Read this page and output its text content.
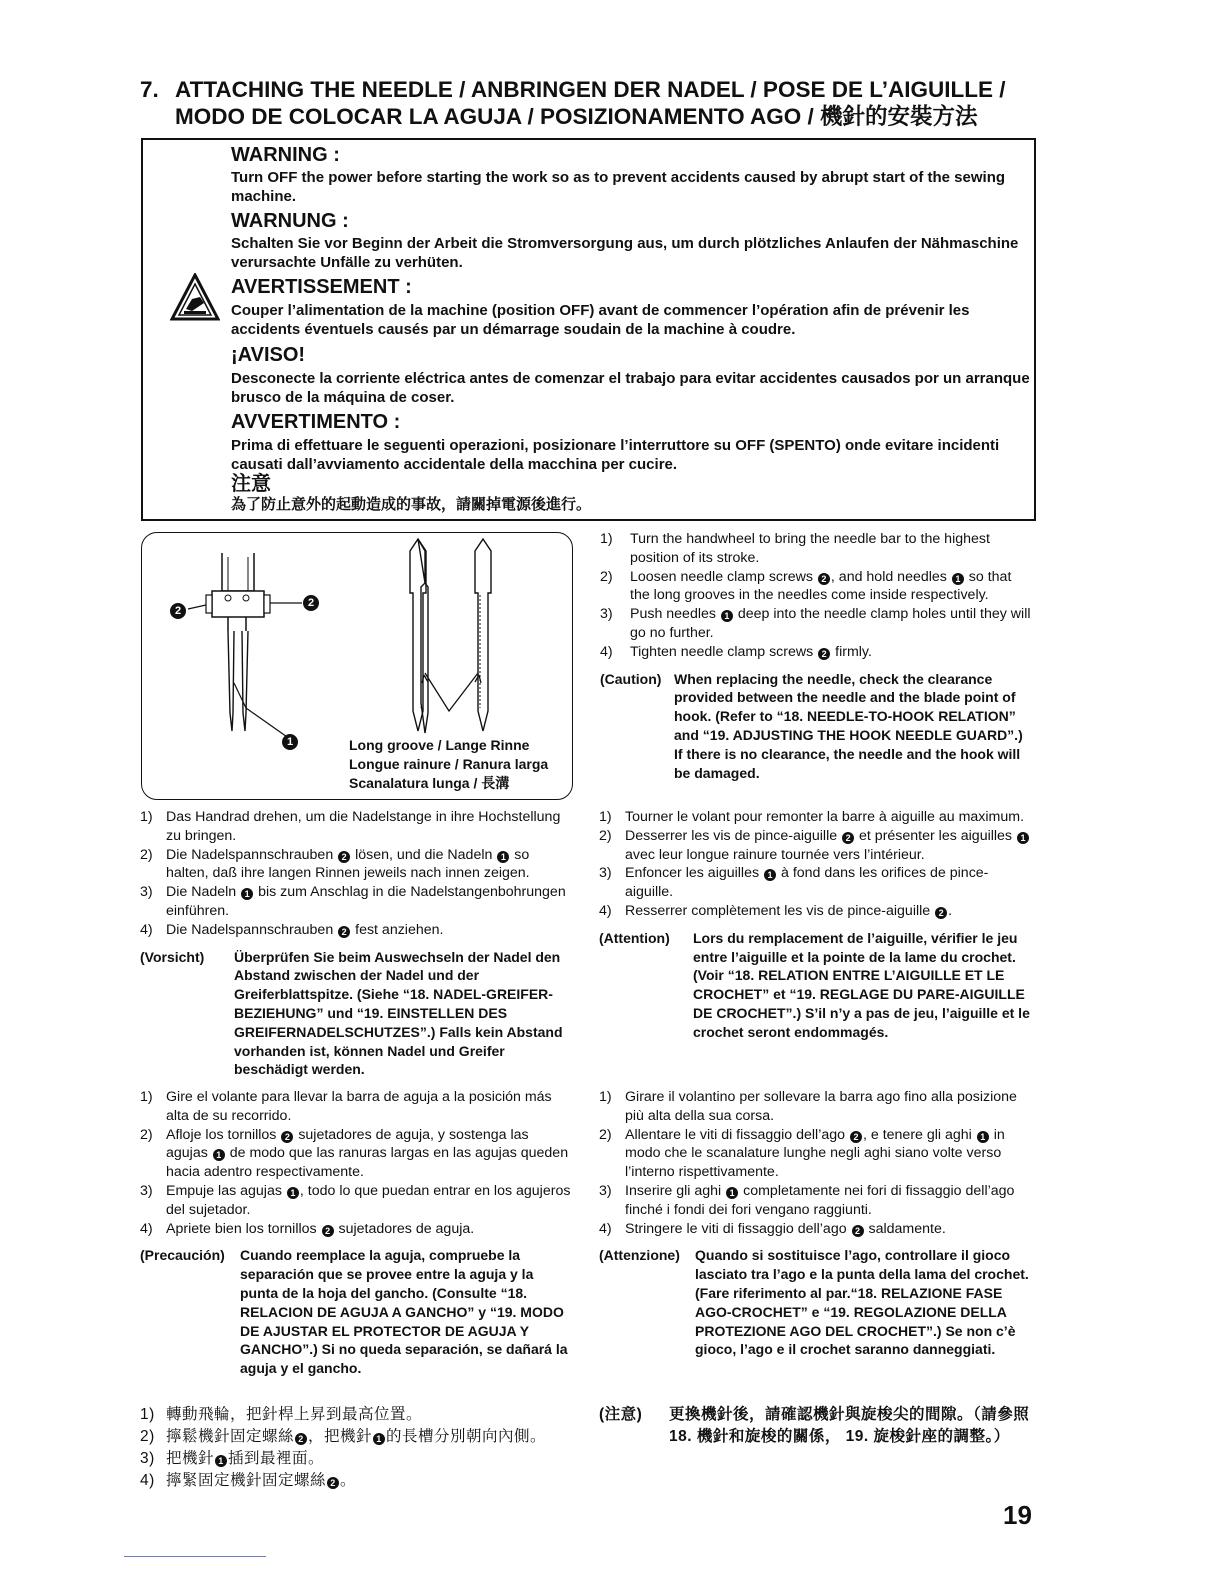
7. ATTACHING THE NEEDLE / ANBRINGEN DER NADEL / POSE DE L’AIGUILLE /
MODO DE COLOCAR LA AGUJA / POSIZIONAMENTO AGO / 機針的安裝方法
WARNING :
Turn OFF the power before starting the work so as to prevent accidents caused by abrupt start of the sewing machine.
WARNUNG :
Schalten Sie vor Beginn der Arbeit die Stromversorgung aus, um durch plötzliches Anlaufen der Nähmaschine verursachte Unfälle zu verhüten.
AVERTISSEMENT :
Couper l’alimentation de la machine (position OFF) avant de commencer l’opération afin de prévenir les accidents éventuels causés par un démarrage soudain de la machine à coudre.
¡AVISO!
Desconecte la corriente eléctrica antes de comenzar el trabajo para evitar accidentes causados por un arranque brusco de la máquina de coser.
AVVERTIMENTO :
Prima di effettuare le seguenti operazioni, posizionare l’interruttore su OFF (SPENTO) onde evitare incidenti causati dall’avviamento accidentale della macchina per cucire.
注意
為了防止意外的起動造成的事故，請關掉電源後進行。
2
2
1	Long groove / Lange Rinne
Longue rainure / Ranura larga
Scanalatura lunga / 長溝
1) Turn the handwheel to bring the needle bar to the highest position of its stroke.
2) Loosen needle clamp screws 2 , and hold needles 1 so that the long grooves in the needles come inside respectively.
3) Push needles 1 deep into the needle clamp holes until they will go no further.
4) Tighten needle clamp screws 2 firmly.
(Caution) When replacing the needle, check the clearance provided between the needle and the blade point of hook. (Refer to “18. NEEDLE-TO-HOOK RELATION” and “19. ADJUSTING THE HOOK NEEDLE GUARD”.) If there is no clearance, the needle and the hook will be damaged.
1) Das Handrad drehen, um die Nadelstange in ihre Hochstellung zu bringen.
2) Die Nadelspannschrauben 2 lösen, und die Nadeln 1 so halten, daß ihre langen Rinnen jeweils nach innen zeigen.
3) Die Nadeln 1 bis zum Anschlag in die Nadelstangenbohrungen einführen.
4) Die Nadelspannschrauben 2 fest anziehen.
(Vorsicht) Überprüfen Sie beim Auswechseln der Nadel den Abstand zwischen der Nadel und der Greiferblattspitze. (Siehe “18. NADEL-GREIFER-BEZIEHUNG” und “19. EINSTELLEN DES GREIFERNADELSCHUTZES”.) Falls kein Abstand vorhanden ist, können Nadel und Greifer beschädigt werden.
1) Tourner le volant pour remonter la barre à aiguille au maximum.
2) Desserrer les vis de pince-aiguille 2 et présenter les aiguilles 1 avec leur longue rainure tournée vers l’intérieur.
3) Enfoncer les aiguilles 1 à fond dans les orifices de pince-aiguille.
4) Resserrer complètement les vis de pince-aiguille 2 .
(Attention) Lors du remplacement de l’aiguille, vérifier le jeu entre l’aiguille et la pointe de la lame du crochet. (Voir “18. RELATION ENTRE L’AIGUILLE ET LE CROCHET” et “19. REGLAGE DU PARE-AIGUILLE DE CROCHET”.) S’il n’y a pas de jeu, l’aiguille et le crochet seront endommagés.
1) Gire el volante para llevar la barra de aguja a la posición más alta de su recorrido.
2) Afloje los tornillos 2 sujetadores de aguja, y sostenga las agujas 1 de modo que las ranuras largas en las agujas queden hacia adentro respectivamente.
3) Empuje las agujas 1 , todo lo que puedan entrar en los agujeros del sujetador.
4) Apriete bien los tornillos 2 sujetadores de aguja.
(Precaución) Cuando reemplace la aguja, compruebe la separación que se provee entre la aguja y la punta de la hoja del gancho. (Consulte “18. RELACION DE AGUJA A GANCHO” y “19. MODO DE AJUSTAR EL PROTECTOR DE AGUJA Y GANCHO”.) Si no queda separación, se dañará la aguja y el gancho.
1) Girare il volantino per sollevare la barra ago fino alla posizione più alta della sua corsa.
2) Allentare le viti di fissaggio dell’ago 2 , e tenere gli aghi 1 in modo che le scanalature lunghe negli aghi siano volte verso l’interno rispettivamente.
3) Inserire gli aghi 1 completamente nei fori di fissaggio dell’ago finché i fondi dei fori vengano raggiunti.
4) Stringere le viti di fissaggio dell’ago 2 saldamente.
(Attenzione) Quando si sostituisce l’ago, controllare il gioco lasciato tra l’ago e la punta della lama del crochet. (Fare riferimento al par.“18. RELAZIONE FASE AGO-CROCHET” e “19. REGOLAZIONE DELLA PROTEZIONE AGO DEL CROCHET”.) Se non c’è gioco, l’ago e il crochet saranno danneggiati.
1) 轉動飛輪，把針桿上昇到最高位置。
2) 擰鬆機針固定螺絲 2 ，把機針 1 的長槽分別朝向內側。
3) 把機針 1 插到最裡面。
4) 擰緊固定機針固定螺絲 2 。
(注意) 更換機針後，請確認機針與旋梭尖的間隙。（請參照 18. 機針和旋梭的關係， 19. 旋梭針座的調整。）
19
